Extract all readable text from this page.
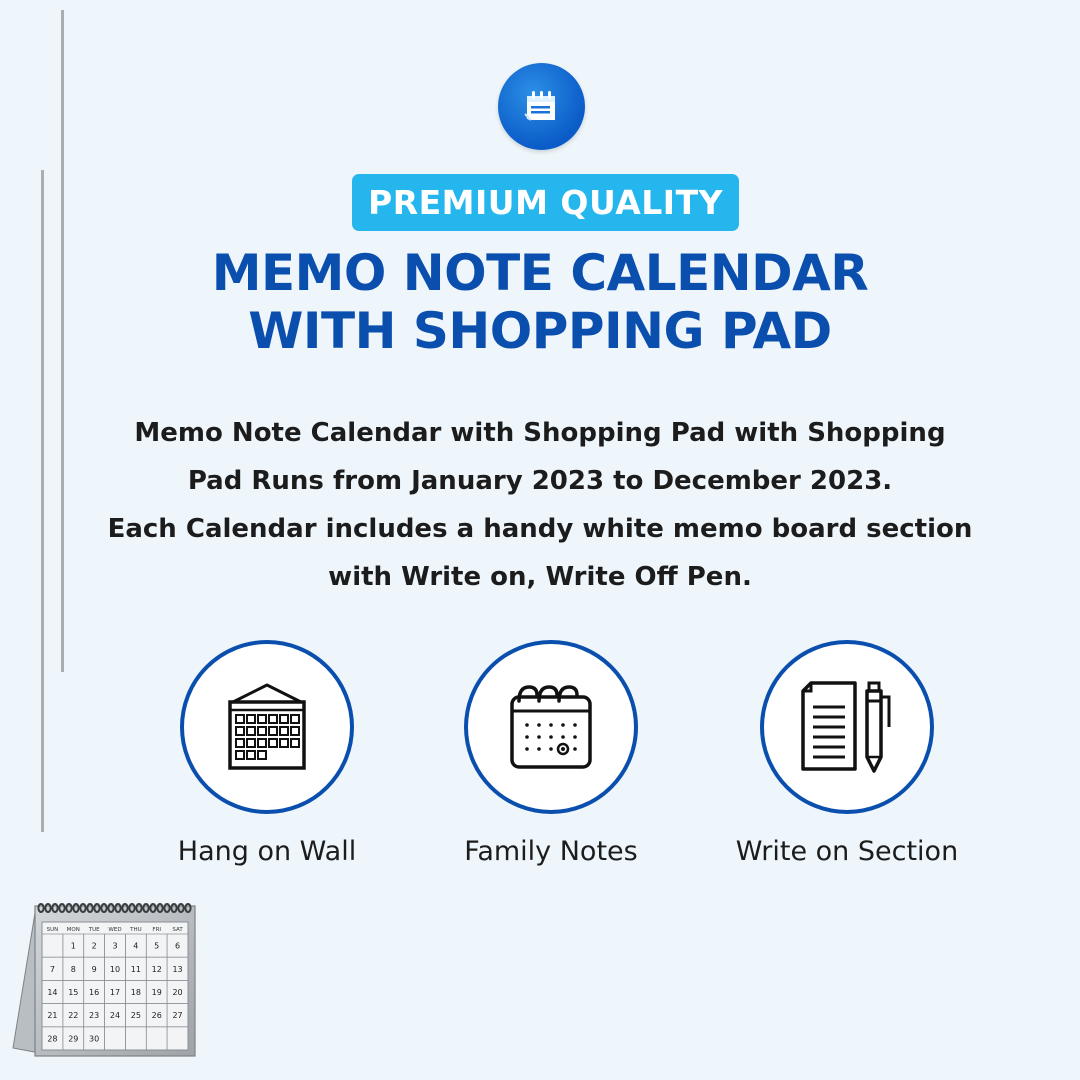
PREMIUM QUALITY
MEMO NOTE CALENDAR
WITH SHOPPING PAD
Memo Note Calendar with Shopping Pad with Shopping
Pad Runs from January 2023 to December 2023.
Each Calendar includes a handy white memo board section
with Write on, Write Off Pen.
Hang on Wall	Family Notes	Write on Section
SUN MON TUE WED THU FRI SAT
1 2 3 4 5 6
7 8 9 10 11 12 13
14 15 16 17 18 19 20
21 22 23 24 25 26 27
28 29 30
